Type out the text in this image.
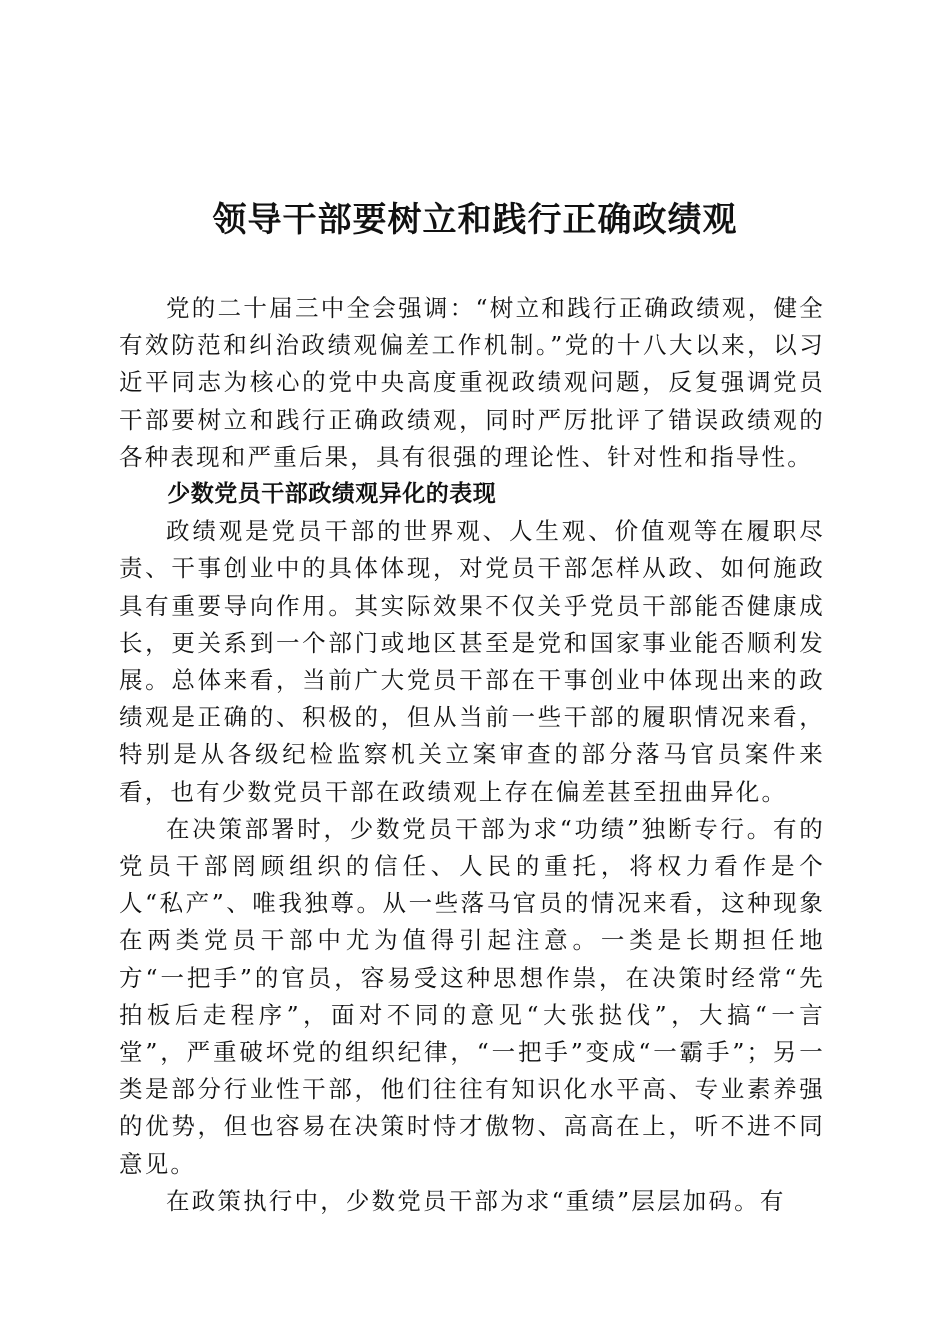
领导干部要树立和践行正确政绩观

党的二十届三中全会强调：“树立和践行正确政绩观，健全有效防范和纠治政绩观偏差工作机制。”党的十八大以来，以习近平同志为核心的党中央高度重视政绩观问题，反复强调党员干部要树立和践行正确政绩观，同时严厉批评了错误政绩观的各种表现和严重后果，具有很强的理论性、针对性和指导性。

少数党员干部政绩观异化的表现

政绩观是党员干部的世界观、人生观、价值观等在履职尽责、干事创业中的具体体现，对党员干部怎样从政、如何施政具有重要导向作用。其实际效果不仅关乎党员干部能否健康成长，更关系到一个部门或地区甚至是党和国家事业能否顺利发展。总体来看，当前广大党员干部在干事创业中体现出来的政绩观是正确的、积极的，但从当前一些干部的履职情况来看，特别是从各级纪检监察机关立案审查的部分落马官员案件来看，也有少数党员干部在政绩观上存在偏差甚至扭曲异化。

在决策部署时，少数党员干部为求“功绩”独断专行。有的党员干部罔顾组织的信任、人民的重托，将权力看作是个人“私产”、唯我独尊。从一些落马官员的情况来看，这种现象在两类党员干部中尤为值得引起注意。一类是长期担任地方“一把手”的官员，容易受这种思想作祟，在决策时经常“先拍板后走程序”，面对不同的意见“大张挞伐”，大搞“一言堂”，严重破坏党的组织纪律，“一把手”变成“一霸手”；另一类是部分行业性干部，他们往往有知识化水平高、专业素养强的优势，但也容易在决策时恃才傲物、高高在上，听不进不同意见。

在政策执行中，少数党员干部为求“重绩”层层加码。有
